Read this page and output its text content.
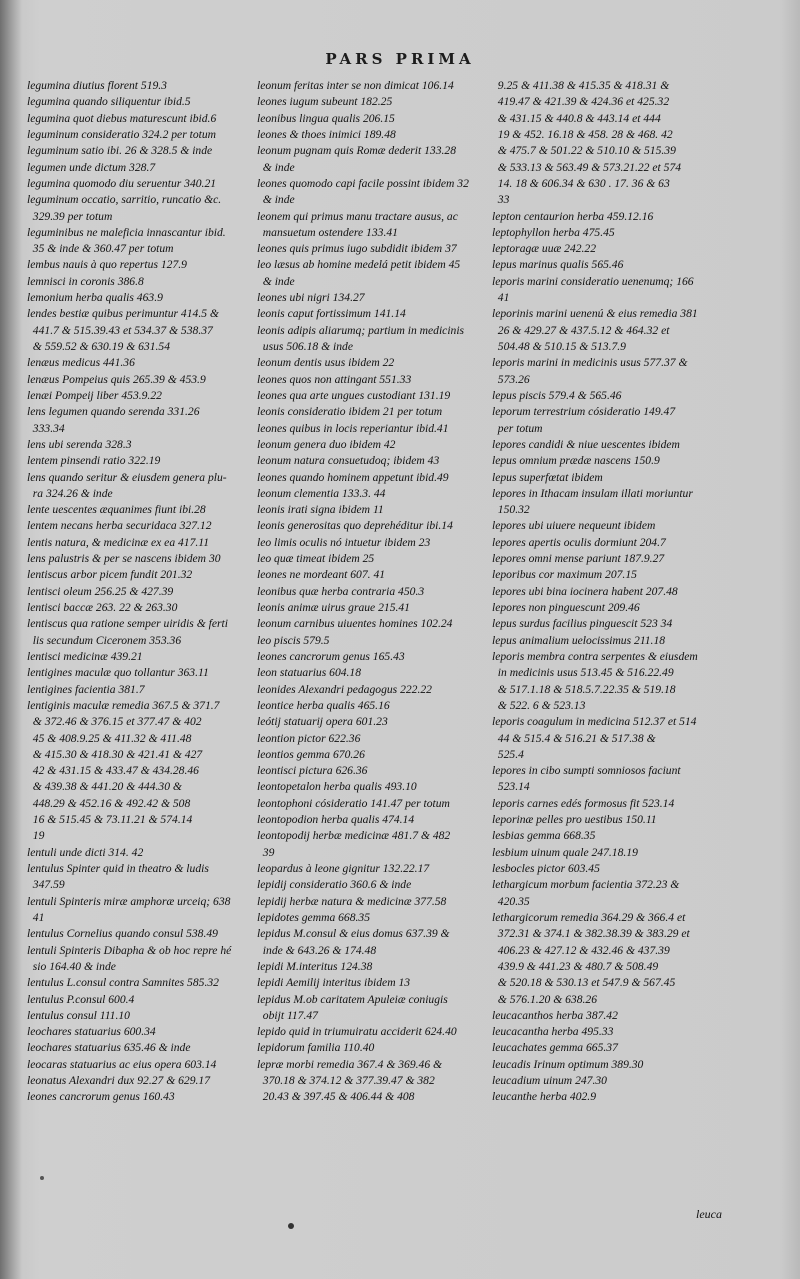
PARS PRIMA
legumina diutius florent 519.3
legumina quando siliquentur ibid.5
legumina quot diebus maturescunt ibid.6
leguminum consideratio 324.2 per totum
leguminum satio ibi. 26 & 328.5 & inde
legumen unde dictum 328.7
legumina quomodo diu seruentur 340.21
leguminum occatio, sarritio, runcatio &c.
329.39 per totum
leguminibus ne maleficia innascantur ibid.
35 & inde & 360.47 per totum
lembus nauis à quo repertus 127.9
lemnisci in coronis 386.8
lemonium herba qualis 463.9
lendes bestiæ quibus perimuntur 414.5 &
441.7 & 515.39.43 et 534.37 & 538.37
& 559.52 & 630.19 & 631.54
lenæus medicus 441.36
lenæus Pompeius quis 265.39 & 453.9
lenæi Pompeij liber 453.9.22
lens legumen quando serenda 331.26
333.34
lens ubi serenda 328.3
lentem pinsendi ratio 322.19
lens quando seritur & eiusdem genera plu-
ra 324.26 & inde
lente uescentes æquanimes fiunt ibi.28
lentem necans herba securidaca 327.12
lentis natura, & medicinæ ex ea 417.11
lens palustris & per se nascens ibidem 30
lentiscus arbor picem fundit 201.32
lentisci oleum 256.25 & 427.39
lentisci baccæ 263. 22 & 263.30
lentiscus qua ratione semper uiridis & ferti
lis secundum Ciceronem 353.36
lentisci medicinæ 439.21
lentigines maculæ quo tollantur 363.11
lentigines facientia 381.7
lentiginis maculæ remedia 367.5 & 371.7
& 372.46 & 376.15 et 377.47 & 402
45 & 408.9.25 & 411.32 & 411.48
& 415.30 & 418.30 & 421.41 & 427
42 & 431.15 & 433.47 & 434.28.46
& 439.38 & 441.20 & 444.30 &
448.29 & 452.16 & 492.42 & 508
16 & 515.45 & 73.11.21 & 574.14
19
lentuli unde dicti 314. 42
lentulus Spinter quid in theatro & ludis
347.59
lentuli Spinteris miræ amphoræ urceiq; 638
41
lentulus Cornelius quando consul 538.49
lentuli Spinteris Dibapha & ob hoc repre hé
sio 164.40 & inde
lentulus L.consul contra Samnites 585.32
lentulus P.consul 600.4
lentulus consul 111.10
leochares statuarius 600.34
leochares statuarius 635.46 & inde
leocaras statuarius ac eius opera 603.14
leonatus Alexandri dux 92.27 & 629.17
leones cancrorum genus 160.43
leonum feritas inter se non dimicat 106.14
leones iugum subeunt 182.25
leonibus lingua qualis 206.15
leones & thoes inimici 189.48
leonum pugnam quis Romæ dederit 133.28
& inde
leones quomodo capi facile possint ibidem 32
& inde
leonem qui primus manu tractare ausus, ac
mansuetum ostendere 133.41
leones quis primus iugo subdidit ibidem 37
leo læsus ab homine medelá petit ibidem 45
& inde
leones ubi nigri 134.27
leonis caput fortissimum 141.14
leonis adipis aliarumq; partium in medicinis
usus 506.18 & inde
leonum dentis usus ibidem 22
leones quos non attingant 551.33
leones qua arte ungues custodiant 131.19
leonis consideratio ibidem 21 per totum
leones quibus in locis reperiantur ibid.41
leonum genera duo ibidem 42
leonum natura consuetudoq; ibidem 43
leones quando hominem appetunt ibid.49
leonum clementia 133.3. 44
leonis irati signa ibidem 11
leonis generositas quo deprehéditur ibi.14
leo limis oculis nó intuetur ibidem 23
leo quæ timeat ibidem 25
leones ne mordeant 607. 41
leonibus quæ herba contraria 450.3
leonis animæ uirus graue 215.41
leonum carnibus uiuentes homines 102.24
leo piscis 579.5
leones cancrorum genus 165.43
leon statuarius 604.18
leonides Alexandri pedagogus 222.22
leontice herba qualis 465.16
leótij statuarij opera 601.23
leontion pictor 622.36
leontios gemma 670.26
leontisci pictura 626.36
leontopetalon herba qualis 493.10
leontophoni cósideratio 141.47 per totum
leontopodion herba qualis 474.14
leontopodij herbæ medicinæ 481.7 & 482
39
leopardus à leone gignitur 132.22.17
lepidij consideratio 360.6 & inde
lepidij herbæ natura & medicinæ 377.58
lepidotes gemma 668.35
lepidus M.consul & eius domus 637.39 &
inde & 643.26 & 174.48
lepidi M.interitus 124.38
lepidi Aemilij interitus ibidem 13
lepidus M.ob caritatem Apuleiæ coniugis
obijt 117.47
lepido quid in triumuiratu acciderit 624.40
lepidorum familia 110.40
lepræ morbi remedia 367.4 & 369.46 &
370.18 & 374.12 & 377.39.47 & 382
20.43 & 397.45 & 406.44 & 408
9.25 & 411.38 & 415.35 & 418.31 &
419.47 & 421.39 & 424.36 et 425.32
& 431.15 & 440.8 & 443.14 et 444
19 & 452. 16.18 & 458. 28 & 468. 42
& 475.7 & 501.22 & 510.10 & 515.39
& 533.13 & 563.49 & 573.21.22 et 574
14. 18 & 606.34 & 630 . 17. 36 & 63
33
lepton centaurion herba 459.12.16
leptophyllon herba 475.45
leptoragæ uuæ 242.22
lepus marinus qualis 565.46
leporis marini consideratio uenenumq; 166
41
leporinis marini uenenú & eius remedia 381
26 & 429.27 & 437.5.12 & 464.32 et
504.48 & 510.15 & 513.7.9
leporis marini in medicinis usus 577.37 &
573.26
lepus piscis 579.4 & 565.46
leporum terrestrium cósideratio 149.47
per totum
lepores candidi & niue uescentes ibidem
lepus omnium prædæ nascens 150.9
lepus superfœtat ibidem
lepores in Ithacam insulam illati moriuntur
150.32
lepores ubi uiuere nequeunt ibidem
lepores apertis oculis dormiunt 204.7
lepores omni mense pariunt 187.9.27
leporibus cor maximum 207.15
lepores ubi bina iocinera habent 207.48
lepores non pinguescunt 209.46
lepus surdus facilius pinguescit 523 34
lepus animalium uelocissimus 211.18
leporis membra contra serpentes & eiusdem
in medicinis usus 513.45 & 516.22.49
& 517.1.18 & 518.5.7.22.35 & 519.18
& 522. 6 & 523.13
leporis coagulum in medicina 512.37 et 514
44 & 515.4 & 516.21 & 517.38 &
525.4
lepores in cibo sumpti somniosos faciunt
523.14
leporis carnes edés formosus fit 523.14
leporinæ pelles pro uestibus 150.11
lesbias gemma 668.35
lesbium uinum quale 247.18.19
lesbocles pictor 603.45
lethargicum morbum facientia 372.23 &
420.35
lethargicorum remedia 364.29 & 366.4 et
372.31 & 374.1 & 382.38.39 & 383.29 et
406.23 & 427.12 & 432.46 & 437.39
439.9 & 441.23 & 480.7 & 508.49
& 520.18 & 530.13 et 547.9 & 567.45
& 576.1.20 & 638.26
leucacanthos herba 387.42
leucacantha herba 495.33
leucachates gemma 665.37
leucadis Irinum optimum 389.30
leucadium uinum 247.30
leucanthe herba 402.9
leuca
